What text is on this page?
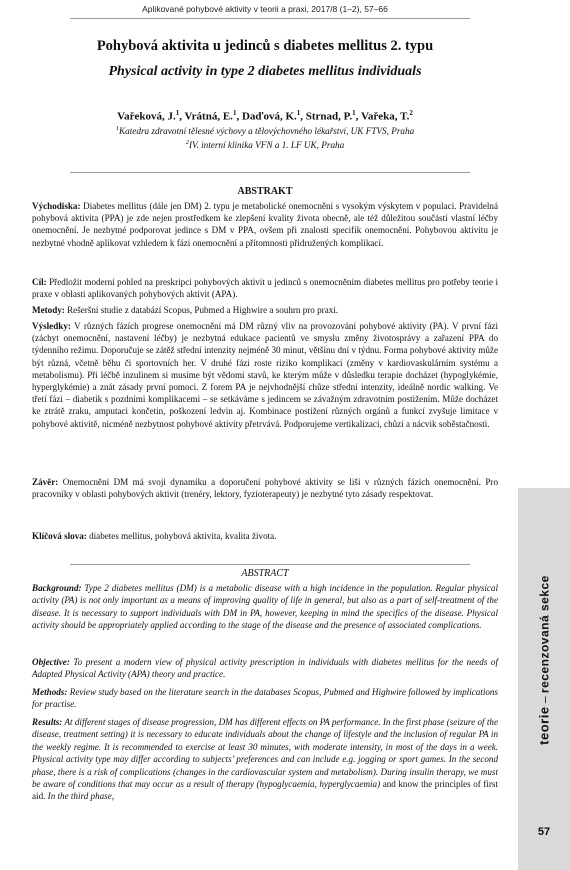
Aplikované pohybové aktivity v teorii a praxi, 2017/8 (1–2), 57–66
Pohybová aktivita u jedinců s diabetes mellitus 2. typu
Physical activity in type 2 diabetes mellitus individuals
Vařeková, J.$^1$, Vrátná, E.$^1$, Daďová, K.$^1$, Strnad, P.$^1$, Vařeka, T.$^2$
$^1$Katedra zdravotní tělesné výchovy a tělovýchovného lékařství, UK FTVS, Praha
$^2$IV. interní klinika VFN a 1. LF UK, Praha
ABSTRAKT
Východiska: Diabetes mellitus (dále jen DM) 2. typu je metabolické onemocnění s vysokým výskytem v populaci. Pravidelná pohybová aktivita (PPA) je zde nejen prostředkem ke zlepšení kvality života obecně, ale též důležitou součástí vlastní léčby onemocnění. Je nezbytné podporovat jedince s DM v PPA, ovšem při znalosti specifik onemocnění. Pohybovou aktivitu je nezbytné vhodně aplikovat vzhledem k fázi onemocnění a přítomnosti přidružených komplikací.
Cíl: Předložit moderní pohled na preskripci pohybových aktivit u jedinců s onemocněním diabetes mellitus pro potřeby teorie i praxe v oblasti aplikovaných pohybových aktivit (APA).
Metody: Rešeršní studie z databází Scopus, Pubmed a Highwire a souhrn pro praxi.
Výsledky: V různých fázích progrese onemocnění má DM různý vliv na provozování pohybové aktivity (PA). V první fázi (záchyt onemocnění, nastavení léčby) je nezbytná edukace pacientů ve smyslu změny životosprávy a zařazení PPA do týdenního režimu. Doporučuje se zátěž střední intenzity nejméně 30 minut, většinu dní v týdnu. Forma pohybové aktivity může být různá, včetně běhu či sportovních her. V druhé fázi roste riziko komplikací (změny v kardiovaskulárním systému a metabolismu). Při léčbě inzulinem si musíme být vědomi stavů, ke kterým může v důsledku terapie docházet (hypoglykémie, hyperglykémie) a znát zásady první pomoci. Z forem PA je nejvhodnější chůze střední intenzity, ideálně nordic walking. Ve třetí fázi – diabetik s pozdními komplikacemi – se setkáváme s jedincem se závažným zdravotním postižením. Může docházet ke ztrátě zraku, amputaci končetin, poškození ledvin aj. Kombinace postižení různých orgánů a funkcí zvyšuje limitace v pohybové aktivitě, nicméně nezbytnost pohybové aktivity přetrvává. Podporujeme vertikalizaci, chůzi a nácvik soběstačnosti.
Závěr: Onemocnění DM má svoji dynamiku a doporučení pohybové aktivity se liší v různých fázích onemocnění. Pro pracovníky v oblasti pohybových aktivit (trenéry, lektory, fyzioterapeuty) je nezbytné tyto zásady respektovat.
Klíčová slova: diabetes mellitus, pohybová aktivita, kvalita života.
ABSTRACT
Background: Type 2 diabetes mellitus (DM) is a metabolic disease with a high incidence in the population. Regular physical activity (PA) is not only important as a means of improving quality of life in general, but also as a part of self-treatment of the disease. It is necessary to support individuals with DM in PA, however, keeping in mind the specifics of the disease. Physical activity should be appropriately applied according to the stage of the disease and the presence of associated complications.
Objective: To present a modern view of physical activity prescription in individuals with diabetes mellitus for the needs of Adapted Physical Activity (APA) theory and practice.
Methods: Review study based on the literature search in the databases Scopus, Pubmed and Highwire followed by implications for practise.
Results: At different stages of disease progression, DM has different effects on PA performance. In the first phase (seizure of the disease, treatment setting) it is necessary to educate individuals about the change of lifestyle and the inclusion of regular PA in the weekly regime. It is recommended to exercise at least 30 minutes, with moderate intensity, in most of the days in a week. Physical activity type may differ according to subjects’ preferences and can include e.g. jogging or sport games. In the second phase, there is a risk of complications (changes in the cardiovascular system and metabolism). During insulin therapy, we must be aware of conditions that may occur as a result of therapy (hypoglycaemia, hyperglycaemia) and know the principles of first aid. In the third phase,
teorie – recenzovaná sekce
57
